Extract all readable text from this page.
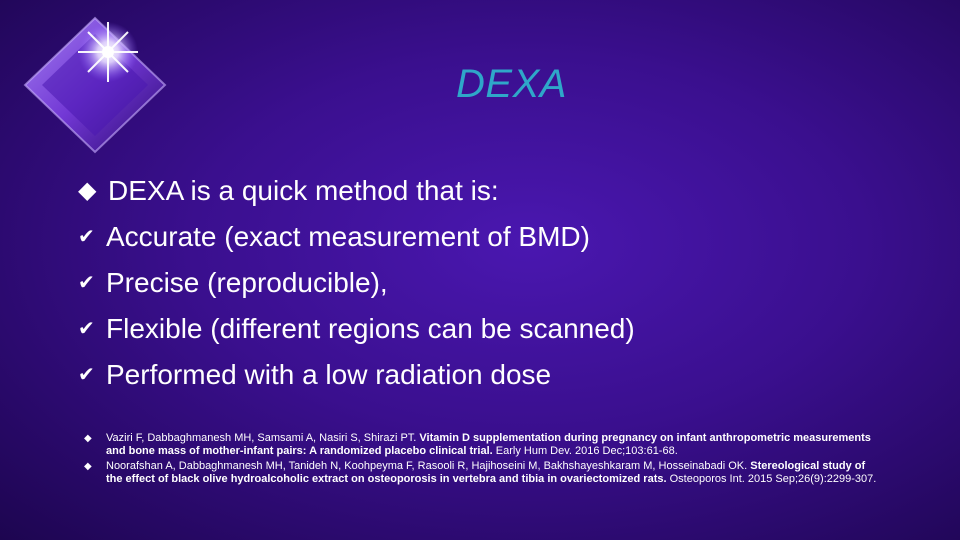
DEXA
◆ DEXA is a quick method that is:
✔ Accurate (exact measurement of BMD)
✔ Precise (reproducible),
✔ Flexible (different regions can be scanned)
✔ Performed with a low radiation dose
◆	Vaziri F, Dabbaghmanesh MH, Samsami A, Nasiri S, Shirazi PT. Vitamin D supplementation during pregnancy on infant anthropometric measurements and bone mass of mother-infant pairs: A randomized placebo clinical trial. Early Hum Dev. 2016 Dec;103:61-68.
◆	Noorafshan A, Dabbaghmanesh MH, Tanideh N, Koohpeyma F, Rasooli R, Hajihoseini M, Bakhshayeshkaram M, Hosseinabadi OK. Stereological study of the effect of black olive hydroalcoholic extract on osteoporosis in vertebra and tibia in ovariectomized rats. Osteoporos Int. 2015 Sep;26(9):2299-307.
